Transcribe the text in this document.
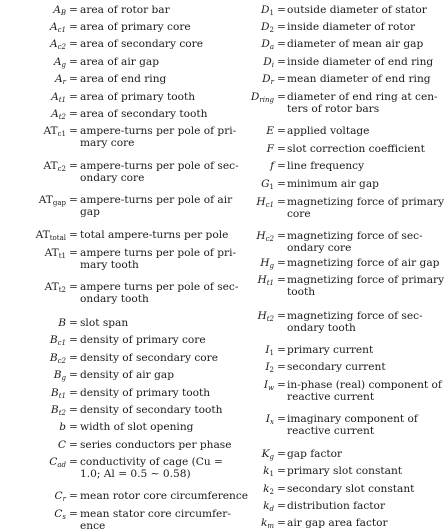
$A_B$ = area of rotor bar
$A_{c1}$ = area of primary core
$A_{c2}$ = area of secondary core
$A_g$ = area of air gap
$A_r$ = area of end ring
$A_{t1}$ = area of primary tooth
$A_{t2}$ = area of secondary tooth
$AT_{c1}$ = ampere-turns per pole of pri-
mary core
$AT_{c2}$ = ampere-turns per pole of sec-
ondary core
$AT_{gap}$ = ampere-turns per pole of air
gap
$AT_{total}$ = total ampere-turns per pole
$AT_{t1}$ = ampere turns per pole of pri-
mary tooth
$AT_{t2}$ = ampere turns per pole of sec-
ondary tooth
B = slot span
$B_{c1}$ = density of primary core
$B_{c2}$ = density of secondary core
$B_g$ = density of air gap
$B_{t1}$ = density of primary tooth
$B_{t2}$ = density of secondary tooth
b = width of slot opening
C = series conductors per phase
$C_{ad}$ = conductivity of cage (Cu =
1.0; Al = 0.5 ∼ 0.58)
$C_r$ = mean rotor core circumference
$C_s$ = mean stator core circumfer-
ence
$D_1$ = outside diameter of stator
$D_2$ = inside diameter of rotor
$D_a$ = diameter of mean air gap
$D_i$ = inside diameter of end ring
$D_r$ = mean diameter of end ring
$D_{ring}$ = diameter of end ring at cen-
ters of rotor bars
E = applied voltage
F = slot correction coefficient
f = line frequency
$G_1$ = minimum air gap
$H_{c1}$ = magnetizing force of primary
core
$H_{c2}$ = magnetizing force of sec-
ondary core
$H_g$ = magnetizing force of air gap
$H_{t1}$ = magnetizing force of primary
tooth
$H_{t2}$ = magnetizing force of sec-
ondary tooth
$I_1$ = primary current
$I_2$ = secondary current
$I_w$ = in-phase (real) component of
reactive current
$I_x$ = imaginary component of
reactive current
$K_g$ = gap factor
$k_1$ = primary slot constant
$k_2$ = secondary slot constant
$k_d$ = distribution factor
$k_m$ = air gap area factor
